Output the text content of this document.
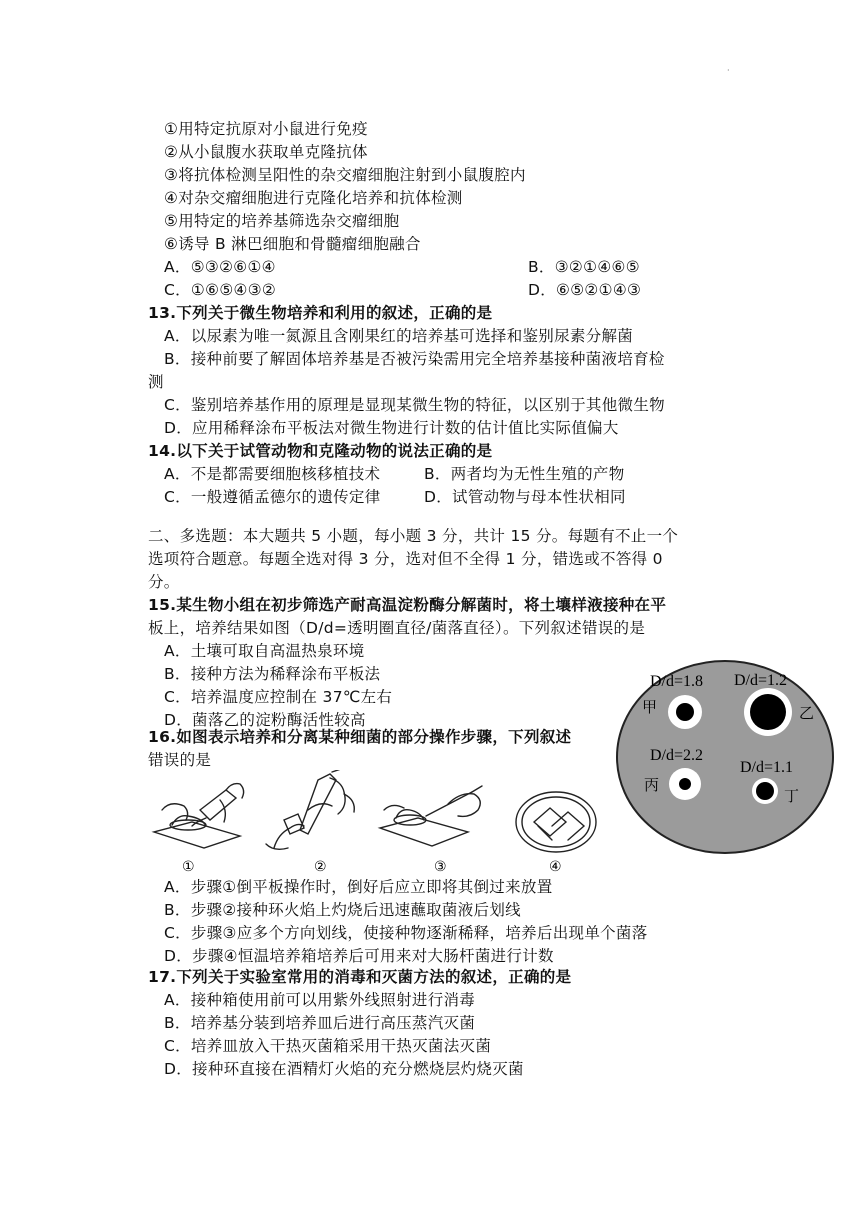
·
①用特定抗原对小鼠进行免疫
②从小鼠腹水获取单克隆抗体
③将抗体检测呈阳性的杂交瘤细胞注射到小鼠腹腔内
④对杂交瘤细胞进行克隆化培养和抗体检测
⑤用特定的培养基筛选杂交瘤细胞
⑥诱导 B 淋巴细胞和骨髓瘤细胞融合
A．⑤③②⑥①④	B．③②①④⑥⑤
C．①⑥⑤④③②	D．⑥⑤②①④③
13.下列关于微生物培养和利用的叙述，正确的是
A．以尿素为唯一氮源且含刚果红的培养基可选择和鉴别尿素分解菌
B．接种前要了解固体培养基是否被污染需用完全培养基接种菌液培育检
测
C．鉴别培养基作用的原理是显现某微生物的特征，以区别于其他微生物
D．应用稀释涂布平板法对微生物进行计数的估计值比实际值偏大
14.以下关于试管动物和克隆动物的说法正确的是
A．不是都需要细胞核移植技术	B．两者均为无性生殖的产物
C．一般遵循孟德尔的遗传定律	D．试管动物与母本性状相同
二、多选题：本大题共 5 小题，每小题 3 分，共计 15 分。每题有不止一个
选项符合题意。每题全选对得 3 分，选对但不全得 1 分，错选或不答得 0
分。
15.某生物小组在初步筛选产耐高温淀粉酶分解菌时，将土壤样液接种在平
板上，培养结果如图（D/d=透明圈直径/菌落直径）。下列叙述错误的是
A．土壤可取自高温热泉环境
B．接种方法为稀释涂布平板法
C．培养温度应控制在 37℃左右
D．菌落乙的淀粉酶活性较高
D/d=1.8
甲
D/d=1.2
乙
D/d=2.2
丙
D/d=1.1
丁
16.如图表示培养和分离某种细菌的部分操作步骤，下列叙述
错误的是
①	②	③	④
A．步骤①倒平板操作时，倒好后应立即将其倒过来放置
B．步骤②接种环火焰上灼烧后迅速蘸取菌液后划线
C．步骤③应多个方向划线，使接种物逐渐稀释，培养后出现单个菌落
D．步骤④恒温培养箱培养后可用来对大肠杆菌进行计数
17.下列关于实验室常用的消毒和灭菌方法的叙述，正确的是
A．接种箱使用前可以用紫外线照射进行消毒
B．培养基分装到培养皿后进行高压蒸汽灭菌
C．培养皿放入干热灭菌箱采用干热灭菌法灭菌
D．接种环直接在酒精灯火焰的充分燃烧层灼烧灭菌
